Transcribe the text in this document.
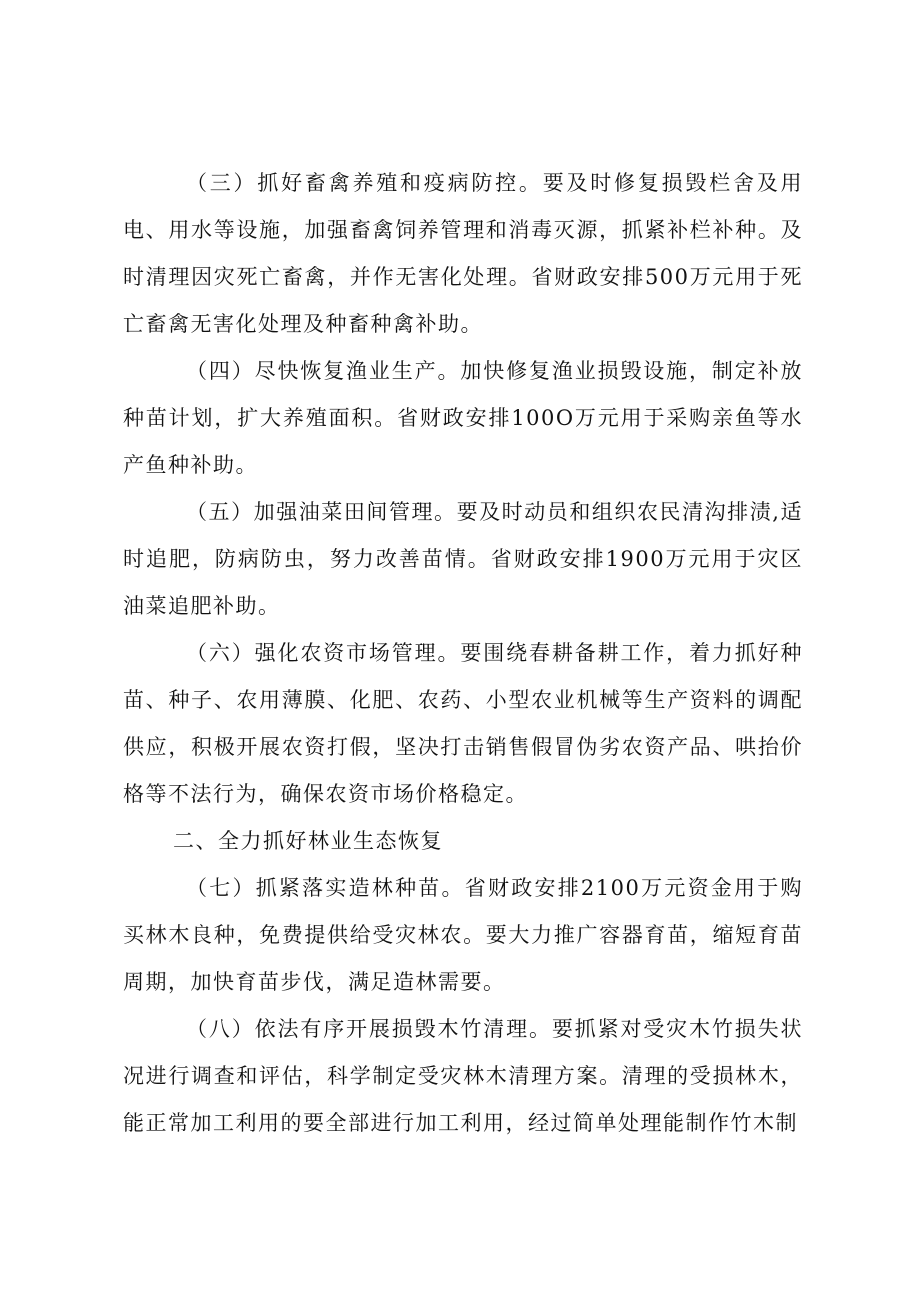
（三）抓好畜禽养殖和疫病防控。要及时修复损毁栏舍及用电、用水等设施，加强畜禽饲养管理和消毒灭源，抓紧补栏补种。及时清理因灾死亡畜禽，并作无害化处理。省财政安排500万元用于死亡畜禽无害化处理及种畜种禽补助。

（四）尽快恢复渔业生产。加快修复渔业损毁设施，制定补放种苗计划，扩大养殖面积。省财政安排100O万元用于采购亲鱼等水产鱼种补助。

（五）加强油菜田间管理。要及时动员和组织农民清沟排渍,适时追肥，防病防虫，努力改善苗情。省财政安排1900万元用于灾区油菜追肥补助。

（六）强化农资市场管理。要围绕春耕备耕工作，着力抓好种苗、种子、农用薄膜、化肥、农药、小型农业机械等生产资料的调配供应，积极开展农资打假，坚决打击销售假冒伪劣农资产品、哄抬价格等不法行为，确保农资市场价格稳定。

二、全力抓好林业生态恢复

（七）抓紧落实造林种苗。省财政安排2100万元资金用于购买林木良种，免费提供给受灾林农。要大力推广容器育苗，缩短育苗周期，加快育苗步伐，满足造林需要。

（八）依法有序开展损毁木竹清理。要抓紧对受灾木竹损失状况进行调查和评估，科学制定受灾林木清理方案。清理的受损林木，能正常加工利用的要全部进行加工利用，经过简单处理能制作竹木制
